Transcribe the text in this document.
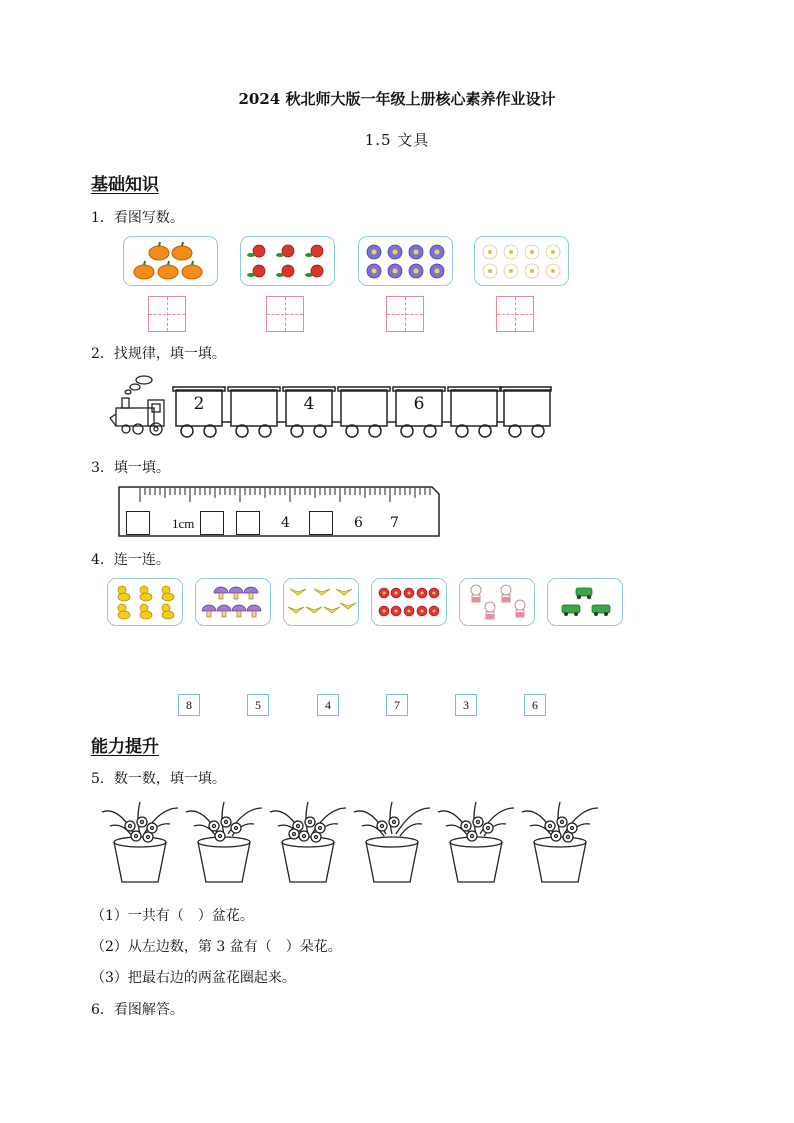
2024 秋北师大版一年级上册核心素养作业设计
1.5 文具
基础知识
1．看图写数。
2．找规律，填一填。
2	4	6
3．填一填。
1cm	4	6 7
4．连一连。
8	5	4	7	3	6
能力提升
5．数一数，填一填。
（1）一共有（　）盆花。
（2）从左边数，第 3 盆有（　）朵花。
（3）把最右边的两盆花圈起来。
6．看图解答。
